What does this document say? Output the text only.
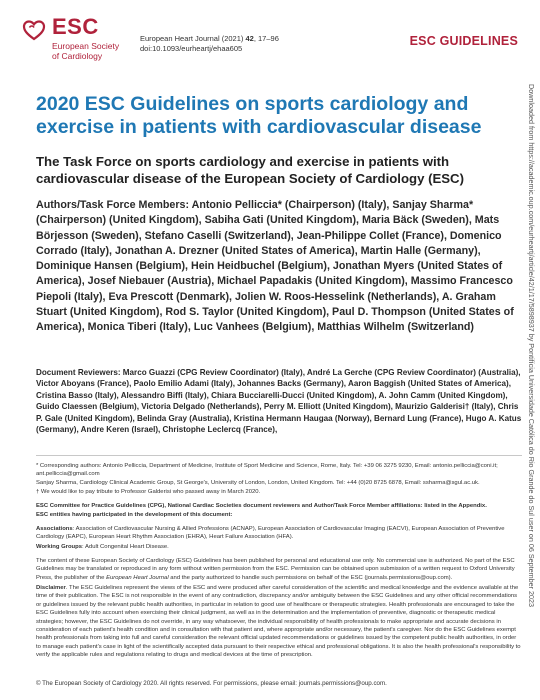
ESC
European Society
of Cardiology
European Heart Journal (2021) 42, 17–96
doi:10.1093/eurheartj/ehaa605
ESC GUIDELINES
2020 ESC Guidelines on sports cardiology and exercise in patients with cardiovascular disease
The Task Force on sports cardiology and exercise in patients with cardiovascular disease of the European Society of Cardiology (ESC)

Authors/Task Force Members: Antonio Pelliccia* (Chairperson) (Italy), Sanjay Sharma* (Chairperson) (United Kingdom), Sabiha Gati (United Kingdom), Maria Bäck (Sweden), Mats Börjesson (Sweden), Stefano Caselli (Switzerland), Jean-Philippe Collet (France), Domenico Corrado (Italy), Jonathan A. Drezner (United States of America), Martin Halle (Germany), Dominique Hansen (Belgium), Hein Heidbuchel (Belgium), Jonathan Myers (United States of America), Josef Niebauer (Austria), Michael Papadakis (United Kingdom), Massimo Francesco Piepoli (Italy), Eva Prescott (Denmark), Jolien W. Roos-Hesselink (Netherlands), A. Graham Stuart (United Kingdom), Rod S. Taylor (United Kingdom), Paul D. Thompson (United States of America), Monica Tiberi (Italy), Luc Vanhees (Belgium), Matthias Wilhelm (Switzerland)

Document Reviewers: Marco Guazzi (CPG Review Coordinator) (Italy), André La Gerche (CPG Review Coordinator) (Australia), Victor Aboyans (France), Paolo Emilio Adami (Italy), Johannes Backs (Germany), Aaron Baggish (United States of America), Cristina Basso (Italy), Alessandro Biffi (Italy), Chiara Bucciarelli-Ducci (United Kingdom), A. John Camm (United Kingdom), Guido Claessen (Belgium), Victoria Delgado (Netherlands), Perry M. Elliott (United Kingdom), Maurizio Galderisi† (Italy), Chris P. Gale (United Kingdom), Belinda Gray (Australia), Kristina Hermann Haugaa (Norway), Bernard Lung (France), Hugo A. Katus (Germany), Andre Keren (Israel), Christophe Leclercq (France),

* Corresponding authors: Antonio Pelliccia, Department of Medicine, Institute of Sport Medicine and Science, Rome, Italy. Tel: +39 06 3275 9230, Email: antonio.pelliccia@coni.it; ant.pelliccia@gmail.com

Sanjay Sharma, Cardiology Clinical Academic Group, St George's, University of London, London, United Kingdom. Tel: +44 (0)20 8725 6878, Email: ssharma@sgul.ac.uk.

† We would like to pay tribute to Professor Galderisi who passed away in March 2020.

ESC Committee for Practice Guidelines (CPG), National Cardiac Societies document reviewers and Author/Task Force Member affiliations: listed in the Appendix.

ESC entities having participated in the development of this document:

Associations: Association of Cardiovascular Nursing & Allied Professions (ACNAP), European Association of Cardiovascular Imaging (EACVI), European Association of Preventive Cardiology (EAPC), European Heart Rhythm Association (EHRA), Heart Failure Association (HFA).

Working Groups: Adult Congenital Heart Disease.

The content of these European Society of Cardiology (ESC) Guidelines has been published for personal and educational use only. No commercial use is authorized. No part of the ESC Guidelines may be translated or reproduced in any form without written permission from the ESC. Permission can be obtained upon submission of a written request to Oxford University Press, the publisher of the European Heart Journal and the party authorized to handle such permissions on behalf of the ESC (journals.permissions@oup.com).

Disclaimer. The ESC Guidelines represent the views of the ESC and were produced after careful consideration of the scientific and medical knowledge and the evidence available at the time of their publication. The ESC is not responsible in the event of any contradiction, discrepancy and/or ambiguity between the ESC Guidelines and any other official recommendations or guidelines issued by the relevant public health authorities, in particular in relation to good use of healthcare or therapeutic strategies. Health professionals are encouraged to take the ESC Guidelines fully into account when exercising their clinical judgment, as well as in the determination and the implementation of preventive, diagnostic or therapeutic medical strategies; however, the ESC Guidelines do not override, in any way whatsoever, the individual responsibility of health professionals to make appropriate and accurate decisions in consideration of each patient's health condition and in consultation with that patient and, where appropriate and/or necessary, the patient's caregiver. Nor do the ESC Guidelines exempt health professionals from taking into full and careful consideration the relevant official updated recommendations or guidelines issued by the competent public health authorities, in order to manage each patient's case in light of the scientifically accepted data pursuant to their respective ethical and professional obligations. It is also the health professional's responsibility to verify the applicable rules and regulations relating to drugs and medical devices at the time of prescription.

© The European Society of Cardiology 2020. All rights reserved. For permissions, please email: journals.permissions@oup.com.

Downloaded from https://academic.oup.com/eurheartj/article/42/1/17/5898937 by Pontifícia Universidade Católica do Rio Grande do Sul user on 06 September 2023
